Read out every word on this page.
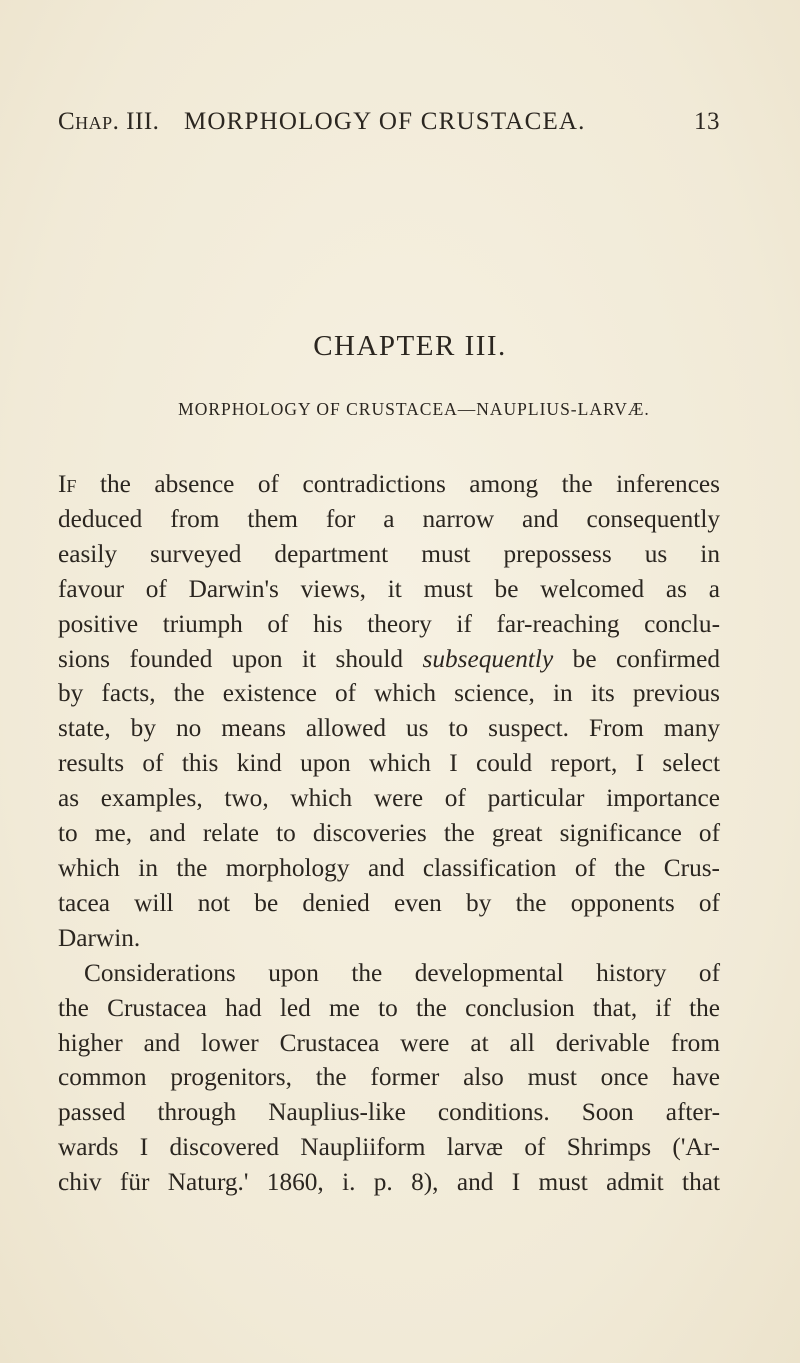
Chap. III. MORPHOLOGY OF CRUSTACEA.	13
CHAPTER III.
MORPHOLOGY OF CRUSTACEA—NAUPLIUS-LARVÆ.
If the absence of contradictions among the inferences
deduced from them for a narrow and consequently
easily surveyed department must prepossess us in
favour of Darwin's views, it must be welcomed as a
positive triumph of his theory if far-reaching conclu-
sions founded upon it should subsequently be confirmed
by facts, the existence of which science, in its previous
state, by no means allowed us to suspect. From many
results of this kind upon which I could report, I select
as examples, two, which were of particular importance
to me, and relate to discoveries the great significance of
which in the morphology and classification of the Crus-
tacea will not be denied even by the opponents of
Darwin.
Considerations upon the developmental history of
the Crustacea had led me to the conclusion that, if the
higher and lower Crustacea were at all derivable from
common progenitors, the former also must once have
passed through Nauplius-like conditions. Soon after-
wards I discovered Naupliiform larvæ of Shrimps ('Ar-
chiv für Naturg.' 1860, i. p. 8), and I must admit that
